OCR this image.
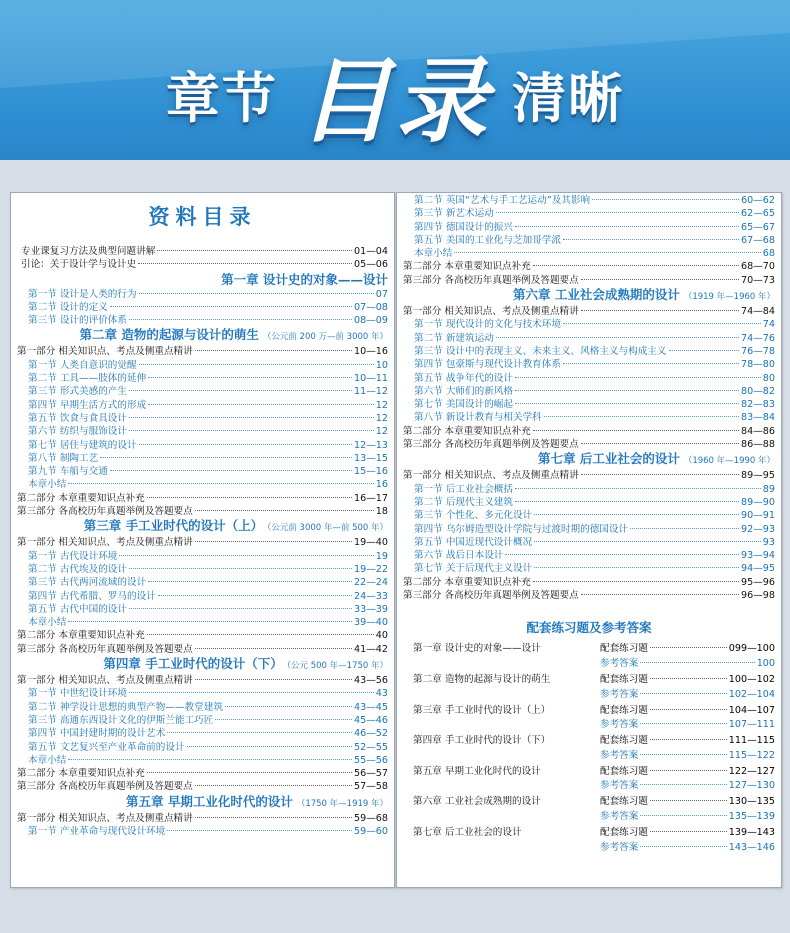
章节 目录 清晰
资料目录
专业课复习方法及典型问题讲解	01—04
引论：关于设计学与设计史	05—06
第一章 设计史的对象——设计
第一节 设计是人类的行为	07
第二节 设计的定义	07—08
第三节 设计的评价体系	08—09
第二章 造物的起源与设计的萌生 （公元前 200 万—前 3000 年）
第一部分 相关知识点、考点及侧重点精讲	10—16
第一节 人类自意识的觉醒	10
第二节 工具——肢体的延伸	10—11
第三节 形式美感的产生	11—12
第四节 早期生活方式的形成	12
第五节 饮食与食具设计	12
第六节 纺织与服饰设计	12
第七节 居住与建筑的设计	12—13
第八节 制陶工艺	13—15
第九节 车船与交通	15—16
本章小结	16
第二部分 本章重要知识点补充	16—17
第三部分 各高校历年真题举例及答题要点	18
第三章 手工业时代的设计（上） （公元前 3000 年—前 500 年）
第一部分 相关知识点、考点及侧重点精讲	19—40
第一节 古代设计环境	19
第二节 古代埃及的设计	19—22
第三节 古代两河流域的设计	22—24
第四节 古代希腊、罗马的设计	24—33
第五节 古代中国的设计	33—39
本章小结	39—40
第二部分 本章重要知识点补充	40
第三部分 各高校历年真题举例及答题要点	41—42
第四章 手工业时代的设计（下） （公元 500 年—1750 年）
第一部分 相关知识点、考点及侧重点精讲	43—56
第一节 中世纪设计环境	43
第二节 神学设计思想的典型产物——教堂建筑	43—45
第三节 高通东西设计文化的伊斯兰能工巧匠	45—46
第四节 中国封建时期的设计艺术	46—52
第五节 文艺复兴至产业革命前的设计	52—55
本章小结	55—56
第二部分 本章重要知识点补充	56—57
第三部分 各高校历年真题举例及答题要点	57—58
第五章 早期工业化时代的设计 （1750 年—1919 年）
第一部分 相关知识点、考点及侧重点精讲	59—68
第一节 产业革命与现代设计环境	59—60
第二节 英国“艺术与手工艺运动”及其影响	60—62
第三节 新艺术运动	62—65
第四节 德国设计的振兴	65—67
第五节 美国的工业化与芝加哥学派	67—68
本章小结	68
第二部分 本章重要知识点补充	68—70
第三部分 各高校历年真题举例及答题要点	70—73
第六章 工业社会成熟期的设计 （1919 年—1960 年）
第一部分 相关知识点、考点及侧重点精讲	74—84
第一节 现代设计的文化与技术环境	74
第二节 新建筑运动	74—76
第三节 设计中的表现主义、未来主义、风格主义与构成主义	76—78
第四节 包豪斯与现代设计教育体系	78—80
第五节 战争年代的设计	80
第六节 大师们的新风格	80—82
第七节 美国设计的崛起	82—83
第八节 新设计教育与相关学科	83—84
第二部分 本章重要知识点补充	84—86
第三部分 各高校历年真题举例及答题要点	86—88
第七章 后工业社会的设计 （1960 年—1990 年）
第一部分 相关知识点、考点及侧重点精讲	89—95
第一节 后工业社会概括	89
第二节 后现代主义建筑	89—90
第三节 个性化、多元化设计	90—91
第四节 乌尔姆造型设计学院与过渡时期的德国设计	92—93
第五节 中国近现代设计概况	93
第六节 战后日本设计	93—94
第七节 关于后现代主义设计	94—95
第二部分 本章重要知识点补充	95—96
第三部分 各高校历年真题举例及答题要点	96—98
配套练习题及参考答案
第一章 设计史的对象——设计	配套练习题	099—100
参考答案	100
第二章 造物的起源与设计的萌生	配套练习题	100—102
参考答案	102—104
第三章 手工业时代的设计（上）	配套练习题	104—107
参考答案	107—111
第四章 手工业时代的设计（下）	配套练习题	111—115
参考答案	115—122
第五章 早期工业化时代的设计	配套练习题	122—127
参考答案	127—130
第六章 工业社会成熟期的设计	配套练习题	130—135
参考答案	135—139
第七章 后工业社会的设计	配套练习题	139—143
参考答案	143—146
